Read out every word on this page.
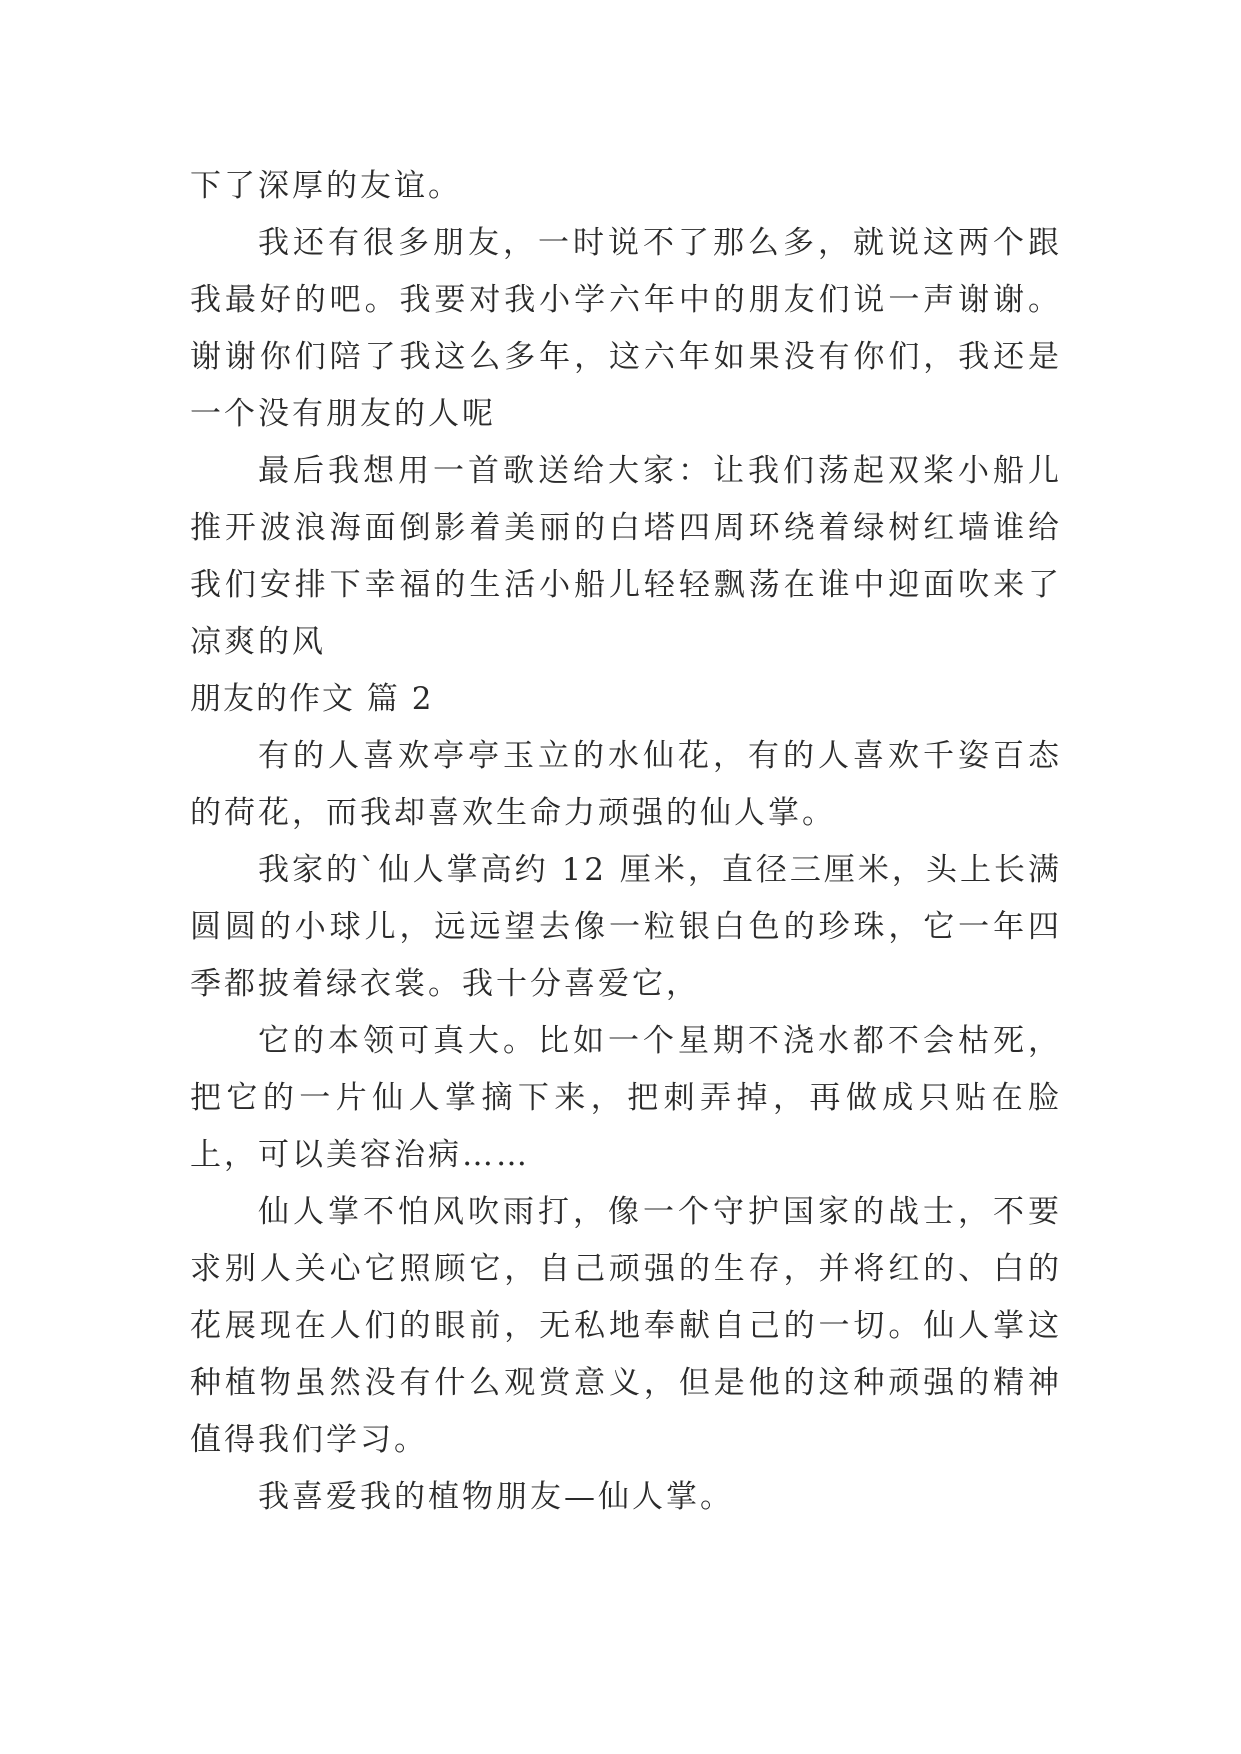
下了深厚的友谊。

我还有很多朋友，一时说不了那么多，就说这两个跟我最好的吧。我要对我小学六年中的朋友们说一声谢谢。谢谢你们陪了我这么多年，这六年如果没有你们，我还是一个没有朋友的人呢

最后我想用一首歌送给大家：让我们荡起双桨小船儿推开波浪海面倒影着美丽的白塔四周环绕着绿树红墙谁给我们安排下幸福的生活小船儿轻轻飘荡在谁中迎面吹来了凉爽的风

朋友的作文 篇 2

有的人喜欢亭亭玉立的水仙花，有的人喜欢千姿百态的荷花，而我却喜欢生命力顽强的仙人掌。

我家的`仙人掌高约 12 厘米，直径三厘米，头上长满圆圆的小球儿，远远望去像一粒银白色的珍珠，它一年四季都披着绿衣裳。我十分喜爱它，

它的本领可真大。比如一个星期不浇水都不会枯死，把它的一片仙人掌摘下来，把刺弄掉，再做成只贴在脸上，可以美容治病……

仙人掌不怕风吹雨打，像一个守护国家的战士，不要求别人关心它照顾它，自己顽强的生存，并将红的、白的花展现在人们的眼前，无私地奉献自己的一切。仙人掌这种植物虽然没有什么观赏意义，但是他的这种顽强的精神值得我们学习。

我喜爱我的植物朋友—仙人掌。
